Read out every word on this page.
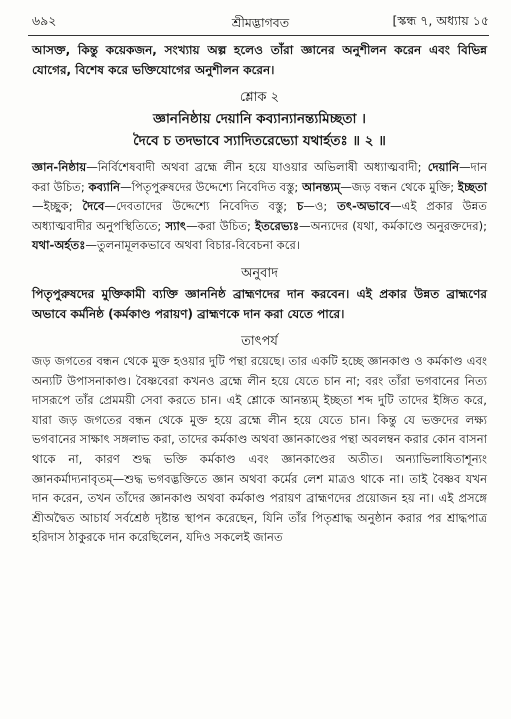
৬৯২	শ্রীমদ্ভাগবত	[স্কন্ধ ৭, অধ্যায় ১৫

আসক্ত, কিন্তু কয়েকজন, সংখ্যায় অল্প হলেও তাঁরা জ্ঞানের অনুশীলন করেন এবং বিভিন্ন যোগের, বিশেষ করে ভক্তিযোগের অনুশীলন করেন।

শ্লোক ২
জ্ঞাননিষ্ঠায় দেয়ানি কব্যান্যানন্ত্যমিচ্ছতা ।
দৈবে চ তদভাবে স্যাদিতরেভ্যো যথার্হতঃ ॥ ২ ॥

জ্ঞান-নিষ্ঠায়—নির্বিশেষবাদী অথবা ব্রহ্মে লীন হয়ে যাওয়ার অভিলাষী অধ্যাত্মবাদী; দেয়ানি—দান করা উচিত; কব্যানি—পিতৃপুরুষদের উদ্দেশ্যে নিবেদিত বস্তু; আনন্ত্যম্—জড় বন্ধন থেকে মুক্তি; ইচ্ছতা—ইচ্ছুক; দৈবে—দেবতাদের উদ্দেশ্যে নিবেদিত বস্তু; চ—ও; তৎ-অভাবে—এই প্রকার উন্নত অধ্যাত্মবাদীর অনুপস্থিতিতে; স্যাৎ—করা উচিত; ইতরেভ্যঃ—অন্যদের (যথা, কর্মকাণ্ডে অনুরক্তদের); যথা-অর্হতঃ—তুলনামূলকভাবে অথবা বিচার-বিবেচনা করে।

অনুবাদ

পিতৃপুরুষদের মুক্তিকামী ব্যক্তি জ্ঞাননিষ্ঠ ব্রাহ্মণদের দান করবেন। এই প্রকার উন্নত ব্রাহ্মণের অভাবে কর্মনিষ্ঠ (কর্মকাণ্ড পরায়ণ) ব্রাহ্মণকে দান করা যেতে পারে।

তাৎপর্য

জড় জগতের বন্ধন থেকে মুক্ত হওয়ার দুটি পন্থা রয়েছে। তার একটি হচ্ছে জ্ঞানকাণ্ড ও কর্মকাণ্ড এবং অন্যটি উপাসনাকাণ্ড। বৈষ্ণবেরা কখনও ব্রহ্মে লীন হয়ে যেতে চান না; বরং তাঁরা ভগবানের নিত্য দাসরূপে তাঁর প্রেমময়ী সেবা করতে চান। এই শ্লোকে আনন্ত্যম্ ইচ্ছতা শব্দ দুটি তাদের ইঙ্গিত করে, যারা জড় জগতের বন্ধন থেকে মুক্ত হয়ে ব্রহ্মে লীন হয়ে যেতে চান। কিন্তু যে ভক্তদের লক্ষ্য ভগবানের সাক্ষাৎ সঙ্গলাভ করা, তাদের কর্মকাণ্ড অথবা জ্ঞানকাণ্ডের পন্থা অবলম্বন করার কোন বাসনা থাকে না, কারণ শুদ্ধ ভক্তি কর্মকাণ্ড এবং জ্ঞানকাণ্ডের অতীত। অন্যাভিলাষিতাশূন্যং জ্ঞানকর্মাদ্যনাবৃতম্—শুদ্ধ ভগবদ্ভক্তিতে জ্ঞান অথবা কর্মের লেশ মাত্রও থাকে না। তাই বৈষ্ণব যখন দান করেন, তখন তাঁদের জ্ঞানকাণ্ড অথবা কর্মকাণ্ড পরায়ণ ব্রাহ্মণদের প্রয়োজন হয় না। এই প্রসঙ্গে শ্রীঅদ্বৈত আচার্য সর্বশ্রেষ্ঠ দৃষ্টান্ত স্থাপন করেছেন, যিনি তাঁর পিতৃশ্রাদ্ধ অনুষ্ঠান করার পর শ্রাদ্ধপাত্র হরিদাস ঠাকুরকে দান করেছিলেন, যদিও সকলেই জানত
